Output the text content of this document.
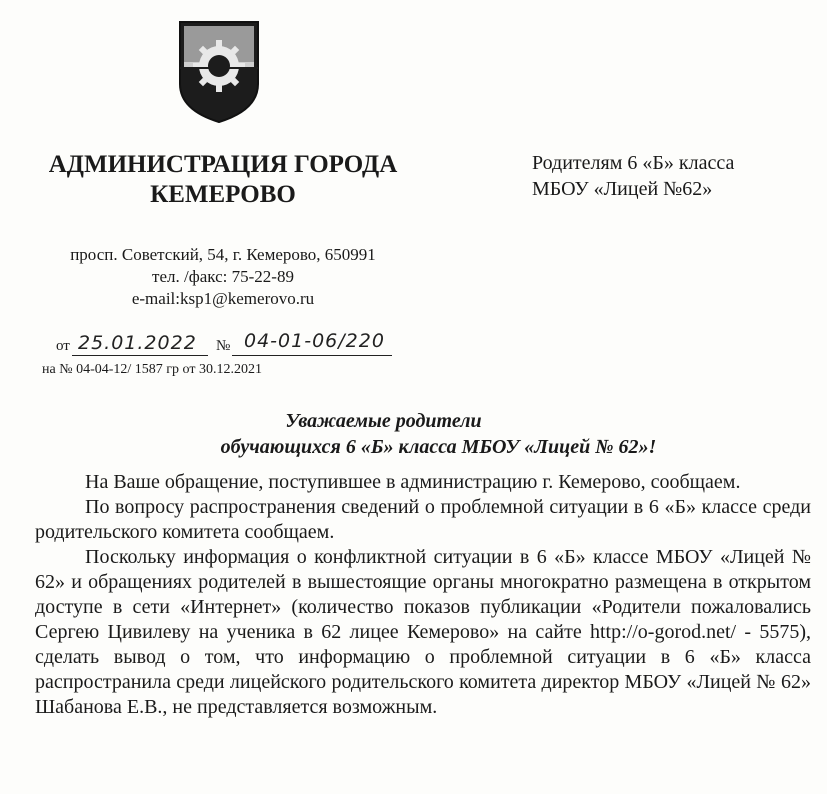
АДМИНИСТРАЦИЯ ГОРОДА
КЕМЕРОВО
Родителям 6 «Б» класса
МБОУ «Лицей №62»
просп. Советский, 54, г. Кемерово, 650991
тел. /факс: 75-22-89
e-mail:ksp1@kemerovo.ru
от 25.01.2022 № 04-01-06/220
на № 04-04-12/ 1587 гр от 30.12.2021
Уважаемые родители
обучающихся 6 «Б» класса МБОУ «Лицей № 62»!

На Ваше обращение, поступившее в администрацию г. Кемерово, сообщаем.

По вопросу распространения сведений о проблемной ситуации в 6 «Б» классе среди родительского комитета сообщаем.

Поскольку информация о конфликтной ситуации в 6 «Б» классе МБОУ «Лицей № 62» и обращениях родителей в вышестоящие органы многократно размещена в открытом доступе в сети «Интернет» (количество показов публикации «Родители пожаловались Сергею Цивилеву на ученика в 62 лицее Кемерово» на сайте http://o-gorod.net/ - 5575), сделать вывод о том, что информацию о проблемной ситуации в 6 «Б» класса распространила среди лицейского родительского комитета директор МБОУ «Лицей № 62» Шабанова Е.В., не представляется возможным.
